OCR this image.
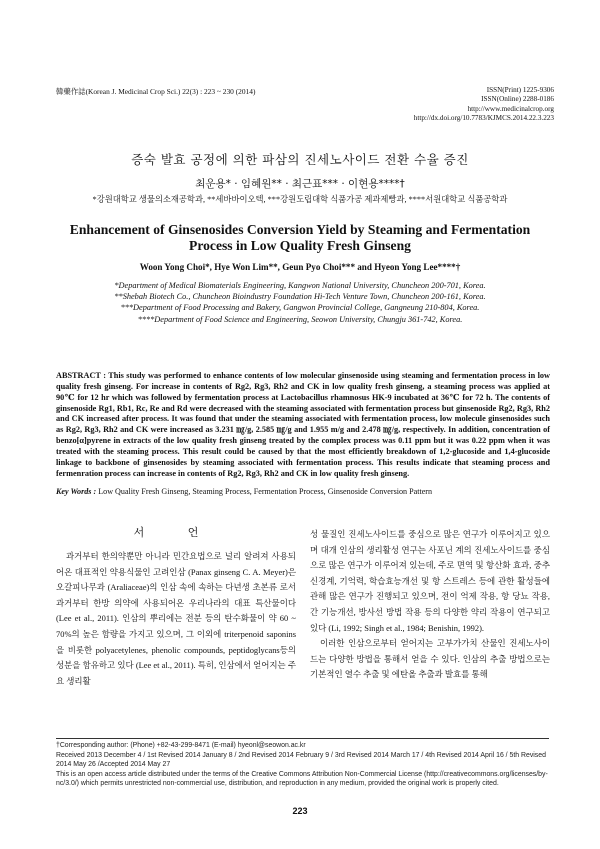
韓藥作誌(Korean J. Medicinal Crop Sci.) 22(3) : 223 ~ 230 (2014)	ISSN(Print) 1225-9306
ISSN(Online) 2288-0186
http://www.medicinalcrop.org
http://dx.doi.org/10.7783/KJMCS.2014.22.3.223
증숙 발효 공정에 의한 파삼의 진세노사이드 전환 수율 증진
최운용* · 임혜원** · 최근표*** · 이현용****†
*강원대학교 생물의소재공학과, **세바바이오텍, ***강원도립대학 식품가공 제과제빵과, ****서원대학교 식품공학과
Enhancement of Ginsenosides Conversion Yield by Steaming and Fermentation Process in Low Quality Fresh Ginseng
Woon Yong Choi*, Hye Won Lim**, Geun Pyo Choi*** and Hyeon Yong Lee****†
*Department of Medical Biomaterials Engineering, Kangwon National University, Chuncheon 200-701, Korea.
**Shebah Biotech Co., Chuncheon Bioindustry Foundation Hi-Tech Venture Town, Chuncheon 200-161, Korea.
***Department of Food Processing and Bakery, Gangwon Provincial College, Gangneung 210-804, Korea.
****Department of Food Science and Engineering, Seowon University, Chungju 361-742, Korea.
ABSTRACT : This study was performed to enhance contents of low molecular ginsenoside using steaming and fermentation process in low quality fresh ginseng. For increase in contents of Rg2, Rg3, Rh2 and CK in low quality fresh ginseng, a steaming process was applied at 90℃ for 12 hr which was followed by fermentation process at Lactobacillus rhamnosus HK-9 incubated at 36℃ for 72 h. The contents of ginsenoside Rg1, Rb1, Rc, Re and Rd were decreased with the steaming associated with fermentation process but ginsenoside Rg2, Rg3, Rh2 and CK increased after process. It was found that under the steaming associated with fermentation process, low molecule ginsenosides such as Rg2, Rg3, Rh2 and CK were increased as 3.231 ㎎/g, 2.585 ㎎/g and 1.955 m/g and 2.478 ㎎/g, respectively. In addition, concentration of benzo[α]pyrene in extracts of the low quality fresh ginseng treated by the complex process was 0.11 ppm but it was 0.22 ppm when it was treated with the steaming process. This result could be caused by that the most efficiently breakdown of 1,2-glucoside and 1,4-glucoside linkage to backbone of ginsenosides by steaming associated with fermentation process. This results indicate that steaming process and fermenration process can increase in contents of Rg2, Rg3, Rh2 and CK in low quality fresh ginseng.
Key Words : Low Quality Fresh Ginseng, Steaming Process, Fermentation Process, Ginsenoside Conversion Pattern
서 언

과거부터 한의약뿐만 아니라 민간요법으로 널리 알려져 사용되어온 대표적인 약용식물인 고려인삼 (Panax ginseng C. A. Meyer)은 오갈피나무과 (Araliaceae)의 인삼 속에 속하는 다년생 초본류 로서 과거부터 한방 의약에 사용되어온 우리나라의 대표 특산물이다 (Lee et al., 2011). 인삼의 뿌리에는 전분 등의 탄수화물이 약 60 ~ 70%의 높은 함량을 가지고 있으며, 그 이외에 triterpenoid saponins을 비롯한 polyacetylenes, phenolic compounds, peptidoglycans등의 성분을 함유하고 있다 (Lee et al., 2011). 특히, 인삼에서 얻어지는 주요 생리활

성 물질인 진세노사이드를 중심으로 많은 연구가 이루어지고 있으며 대개 인삼의 생리활성 연구는 사포닌 계의 진세노사이드를 중심으로 많은 연구가 이루어져 있는데, 주로 면역 및 항산화 효과, 중추신경계, 기억력, 학습효능개선 및 항 스트레스 등에 관한 활성들에 관해 많은 연구가 진행되고 있으며, 전이 억제 작용, 항 당뇨 작용, 간 기능개선, 방사선 방법 작용 등의 다양한 약리 작용이 연구되고 있다 (Li, 1992; Singh et al., 1984; Benishin, 1992).

이러한 인삼으로부터 얻어지는 고부가가치 산물인 진세노사이드는 다양한 방법을 통해서 얻을 수 있다. 인삼의 추출 방법으로는 기본적인 열수 추출 및 에탄올 추출과 발효를 통해

†Corresponding author: (Phone) +82-43-299-8471 (E-mail) hyeonl@seowon.ac.kr

Received 2013 December 4 / 1st Revised 2014 January 8 / 2nd Revised 2014 February 9 / 3rd Revised 2014 March 17 / 4th Revised 2014 April 16 / 5th Revised 2014 May 26 /Accepted 2014 May 27

This is an open access article distributed under the terms of the Creative Commons Attribution Non-Commercial License (http://creativecommons.org/licenses/by-nc/3.0/) which permits unrestricted non-commercial use, distribution, and reproduction in any medium, provided the original work is properly cited.

223
